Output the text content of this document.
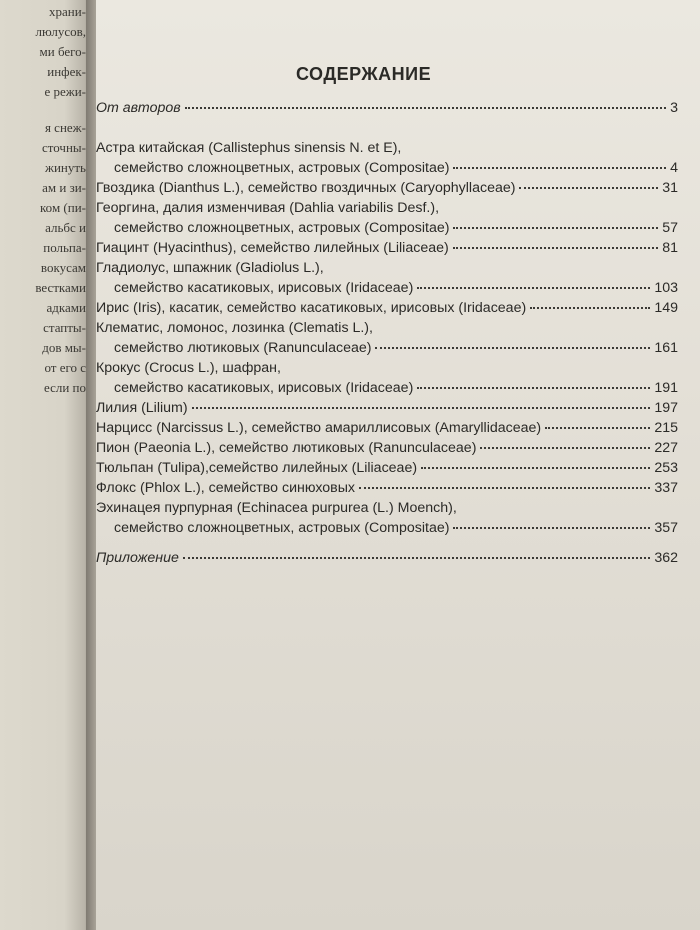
храни-

люлусов,

ми бего-

инфек-

е режи-

я снеж-

сточны-

жинуть

ам и зи-

ком (пи-

альбс и

польпа-

вокусам

вестками

адками

стапты-

дов мы-

от его с

если по

СОДЕРЖАНИЕ
От авторов	3
Астра китайская (Callistephus sinensis N. et E),
семейство сложноцветных, астровых (Compositae)	4
Гвоздика (Dianthus L.), семейство гвоздичных (Caryophyllaceae)	31
Георгина, далия изменчивая (Dahlia variabilis Desf.),
семейство сложноцветных, астровых (Compositae)	57
Гиацинт (Hyacinthus), семейство лилейных (Liliaceae)	81
Гладиолус, шпажник (Gladiolus L.),
семейство касатиковых, ирисовых (Iridaceae)	103
Ирис (Iris), касатик, семейство касатиковых, ирисовых (Iridaceae)	149
Клематис, ломонос, лозинка (Clematis L.),
семейство лютиковых (Ranunculaceae)	161
Крокус (Crocus L.), шафран,
семейство касатиковых, ирисовых (Iridaceae)	191
Лилия (Lilium)	197
Нарцисс (Narcissus L.), семейство амариллисовых (Amaryllidaceae)	215
Пион (Paeonia L.), семейство лютиковых (Ranunculaceae)	227
Тюльпан (Tulipa),семейство лилейных (Liliaceae)	253
Флокс (Phlox L.), семейство синюховых	337
Эхинацея пурпурная (Echinacea purpurea (L.) Moench),
семейство сложноцветных, астровых (Compositae)	357
Приложение	362
